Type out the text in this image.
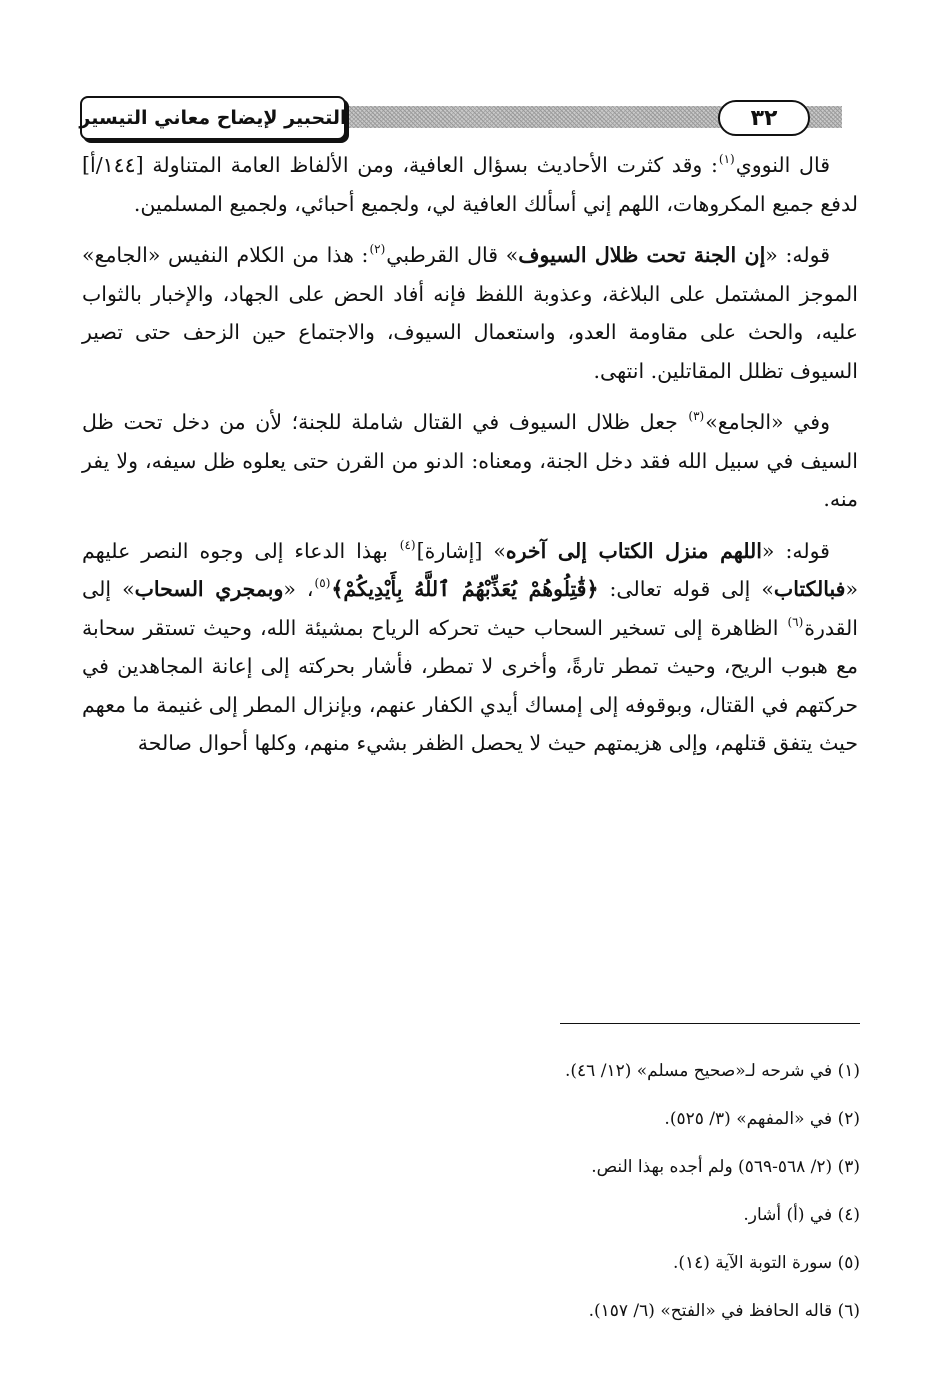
التحبير لإيضاح معاني التيسير	٣٢

قال النووي$^{(١)}$: وقد كثرت الأحاديث بسؤال العافية، ومن الألفاظ العامة المتناولة [١٤٤/أ] لدفع جميع المكروهات، اللهم إني أسألك العافية لي، ولجميع أحبائي، ولجميع المسلمين.

قوله: «إن الجنة تحت ظلال السيوف» قال القرطبي$^{(٢)}$: هذا من الكلام النفيس «الجامع» الموجز المشتمل على البلاغة، وعذوبة اللفظ فإنه أفاد الحض على الجهاد، والإخبار بالثواب عليه، والحث على مقاومة العدو، واستعمال السيوف، والاجتماع حين الزحف حتى تصير السيوف تظلل المقاتلين. انتهى.

وفي «الجامع»$^{(٣)}$ جعل ظلال السيوف في القتال شاملة للجنة؛ لأن من دخل تحت ظل السيف في سبيل الله فقد دخل الجنة، ومعناه: الدنو من القرن حتى يعلوه ظل سيفه، ولا يفر منه.

قوله: «اللهم منزل الكتاب إلى آخره» [إشارة]$^{(٤)}$ بهذا الدعاء إلى وجوه النصر عليهم «فبالكتاب» إلى قوله تعالى: ﴿قَٰتِلُوهُمْ يُعَذِّبْهُمُ ٱللَّهُ بِأَيْدِيكُمْ﴾$^{(٥)}$، «وبمجري السحاب» إلى القدرة$^{(٦)}$ الظاهرة إلى تسخير السحاب حيث تحركه الرياح بمشيئة الله، وحيث تستقر سحابة مع هبوب الريح، وحيث تمطر تارةً، وأخرى لا تمطر، فأشار بحركته إلى إعانة المجاهدين في حركتهم في القتال، وبوقوفه إلى إمساك أيدي الكفار عنهم، وبإنزال المطر إلى غنيمة ما معهم حيث يتفق قتلهم، وإلى هزيمتهم حيث لا يحصل الظفر بشيء منهم، وكلها أحوال صالحة

(١) في شرحه لـ«صحيح مسلم» (١٢/ ٤٦).
(٢) في «المفهم» (٣/ ٥٢٥).
(٣) (٢/ ٥٦٨-٥٦٩) ولم أجده بهذا النص.
(٤) في (أ) أشار.
(٥) سورة التوبة الآية (١٤).
(٦) قاله الحافظ في «الفتح» (٦/ ١٥٧).
